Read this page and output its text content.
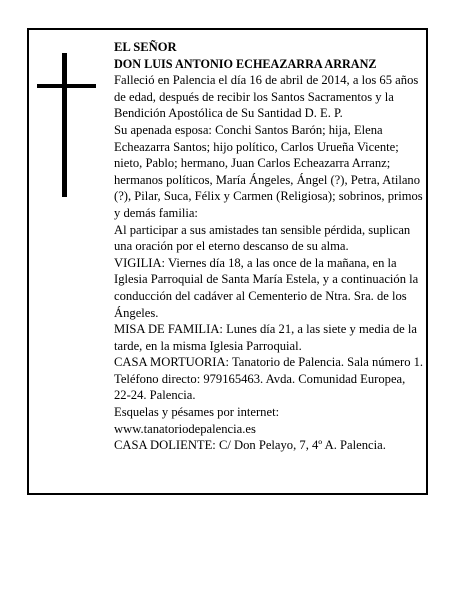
EL SEÑOR

DON LUIS ANTONIO ECHEAZARRA ARRANZ

Falleció en Palencia el día 16 de abril de 2014, a los 65 años de edad, después de recibir los Santos Sacramentos y la Bendición Apostólica de Su Santidad D. E. P.

Su apenada esposa: Conchi Santos Barón; hija, Elena Echeazarra Santos; hijo político, Carlos Urueña Vicente; nieto, Pablo; hermano, Juan Carlos Echeazarra Arranz; hermanos políticos, María Ángeles, Ángel (?), Petra, Atilano (?), Pilar, Suca, Félix y Carmen (Religiosa); sobrinos, primos y demás familia:

Al participar a sus amistades tan sensible pérdida, suplican una oración por el eterno descanso de su alma.

VIGILIA: Viernes día 18, a las once de la mañana, en la Iglesia Parroquial de Santa María Estela, y a continuación la conducción del cadáver al Cementerio de Ntra. Sra. de los Ángeles.

MISA DE FAMILIA: Lunes día 21, a las siete y media de la tarde, en la misma Iglesia Parroquial.

CASA MORTUORIA: Tanatorio de Palencia. Sala número 1. Teléfono directo: 979165463. Avda. Comunidad Europea, 22-24. Palencia.

Esquelas y pésames por internet: www.tanatoriodepalencia.es

CASA DOLIENTE: C/ Don Pelayo, 7, 4º A. Palencia.
